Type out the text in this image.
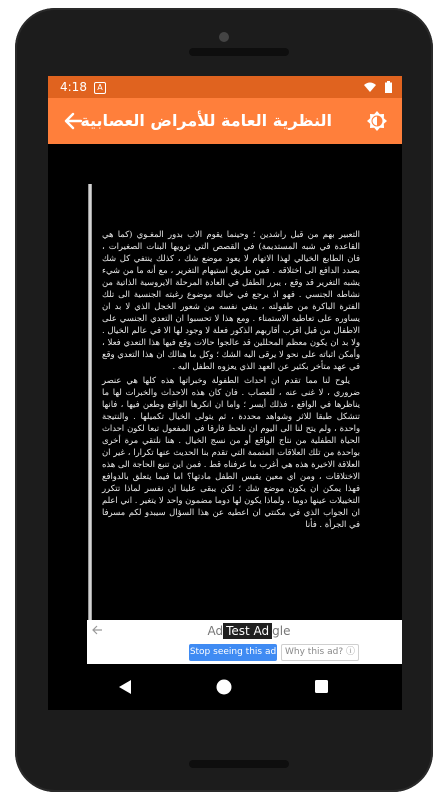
4:18	A
النظرية العامة للأمراض العصابية

التعبير بهم من قبل راشدين ؛ وحينما يقوم الاب بدور المغـوي (كما هي القاعدة في شبه المستديمة) في القصص التي ترويها البنات الصغيرات ، فان الطابع الخيالي لهذا الاتهام لا يعود موضع شك ، كذلك ينتفي كل شك بصدد الدافع الى اختلاقه . فمن طريق استيهام التغرير ، مع أنه ما من شيء يشبه التغرير قد وقع ، يبرر الطفل في العادة المرحلة الايروسية الذاتية من نشاطه الجنسي . فهو اذ يرجع في خياله موضوع رغبته الجنسية الى تلك الفترة الباكرة من طفولته ، ينفي نفسه من شعور الخجل الذي لا بد ان يساوره على تعاطيه الاستمناء . ومع هذا لا تحسبوا ان التعدي الجنسي على الاطفال من قبل اقرب أقاربهم الذكور فعلة لا وجود لها الا في عالم الخيال . ولا بد ان يكون معظم المحللين قد عالجوا حالات وقع فيها هذا التعدي فعلا ، وأمكن اثباته على نحو لا يرقى اليه الشك ؛ وكل ما هنالك ان هذا التعدي وقع في عهد متأخر بكثير عن العهد الذي يعزوه الطفل اليه .

يلوح لنا مما تقدم ان احداث الطفولة وخبراتها هذه كلها هي عنصر ضروري ، لا غنى عنه ، للعصاب . فان كان هذه الاحداث والخبرات لها ما يناظرها في الواقع ، فذلك أيسر ؛ واما ان انكرها الواقع وطعن فيها ، فانها تتشكل طبقا للاثر وشواهد محددة ، ثم يتولى الخيال تكميلها . والنتيجة واحدة ، ولم يتح لنا الى اليوم ان نلحظ فارقا في المفعول تبعا لكون احداث الحياة الطفلية من نتاج الواقع أو من نسج الخيال . هنا نلتقي مرة أخرى بواحدة من تلك العلاقات المتممة التي تقدم بنا الحديث عنها تكرارا ، غير ان العلاقة الاخيرة هذه هي أغرب ما عرفناه قط . فمن اين تنبع الحاجة الى هذه الاختلاقات ، ومن اي معين يقيس الطفل مادتها؟ اما فيما يتعلق بالدوافع فهذا يمكن ان يكون موضع شك ؛ لكن يبقى علينا ان نفسر لماذا تتكرر التخييلات عينها دوما ، ولماذا يكون لها دوما مضمون واحد لا يتغير . اني اعلم ان الجواب الذي في مكنتي ان اعطيه عن هذا السؤال سيبدو لكم مسرفا في الجرأة . فأنا

Ad Test Ad gle
Stop seeing this ad Why this ad? ⓘ
